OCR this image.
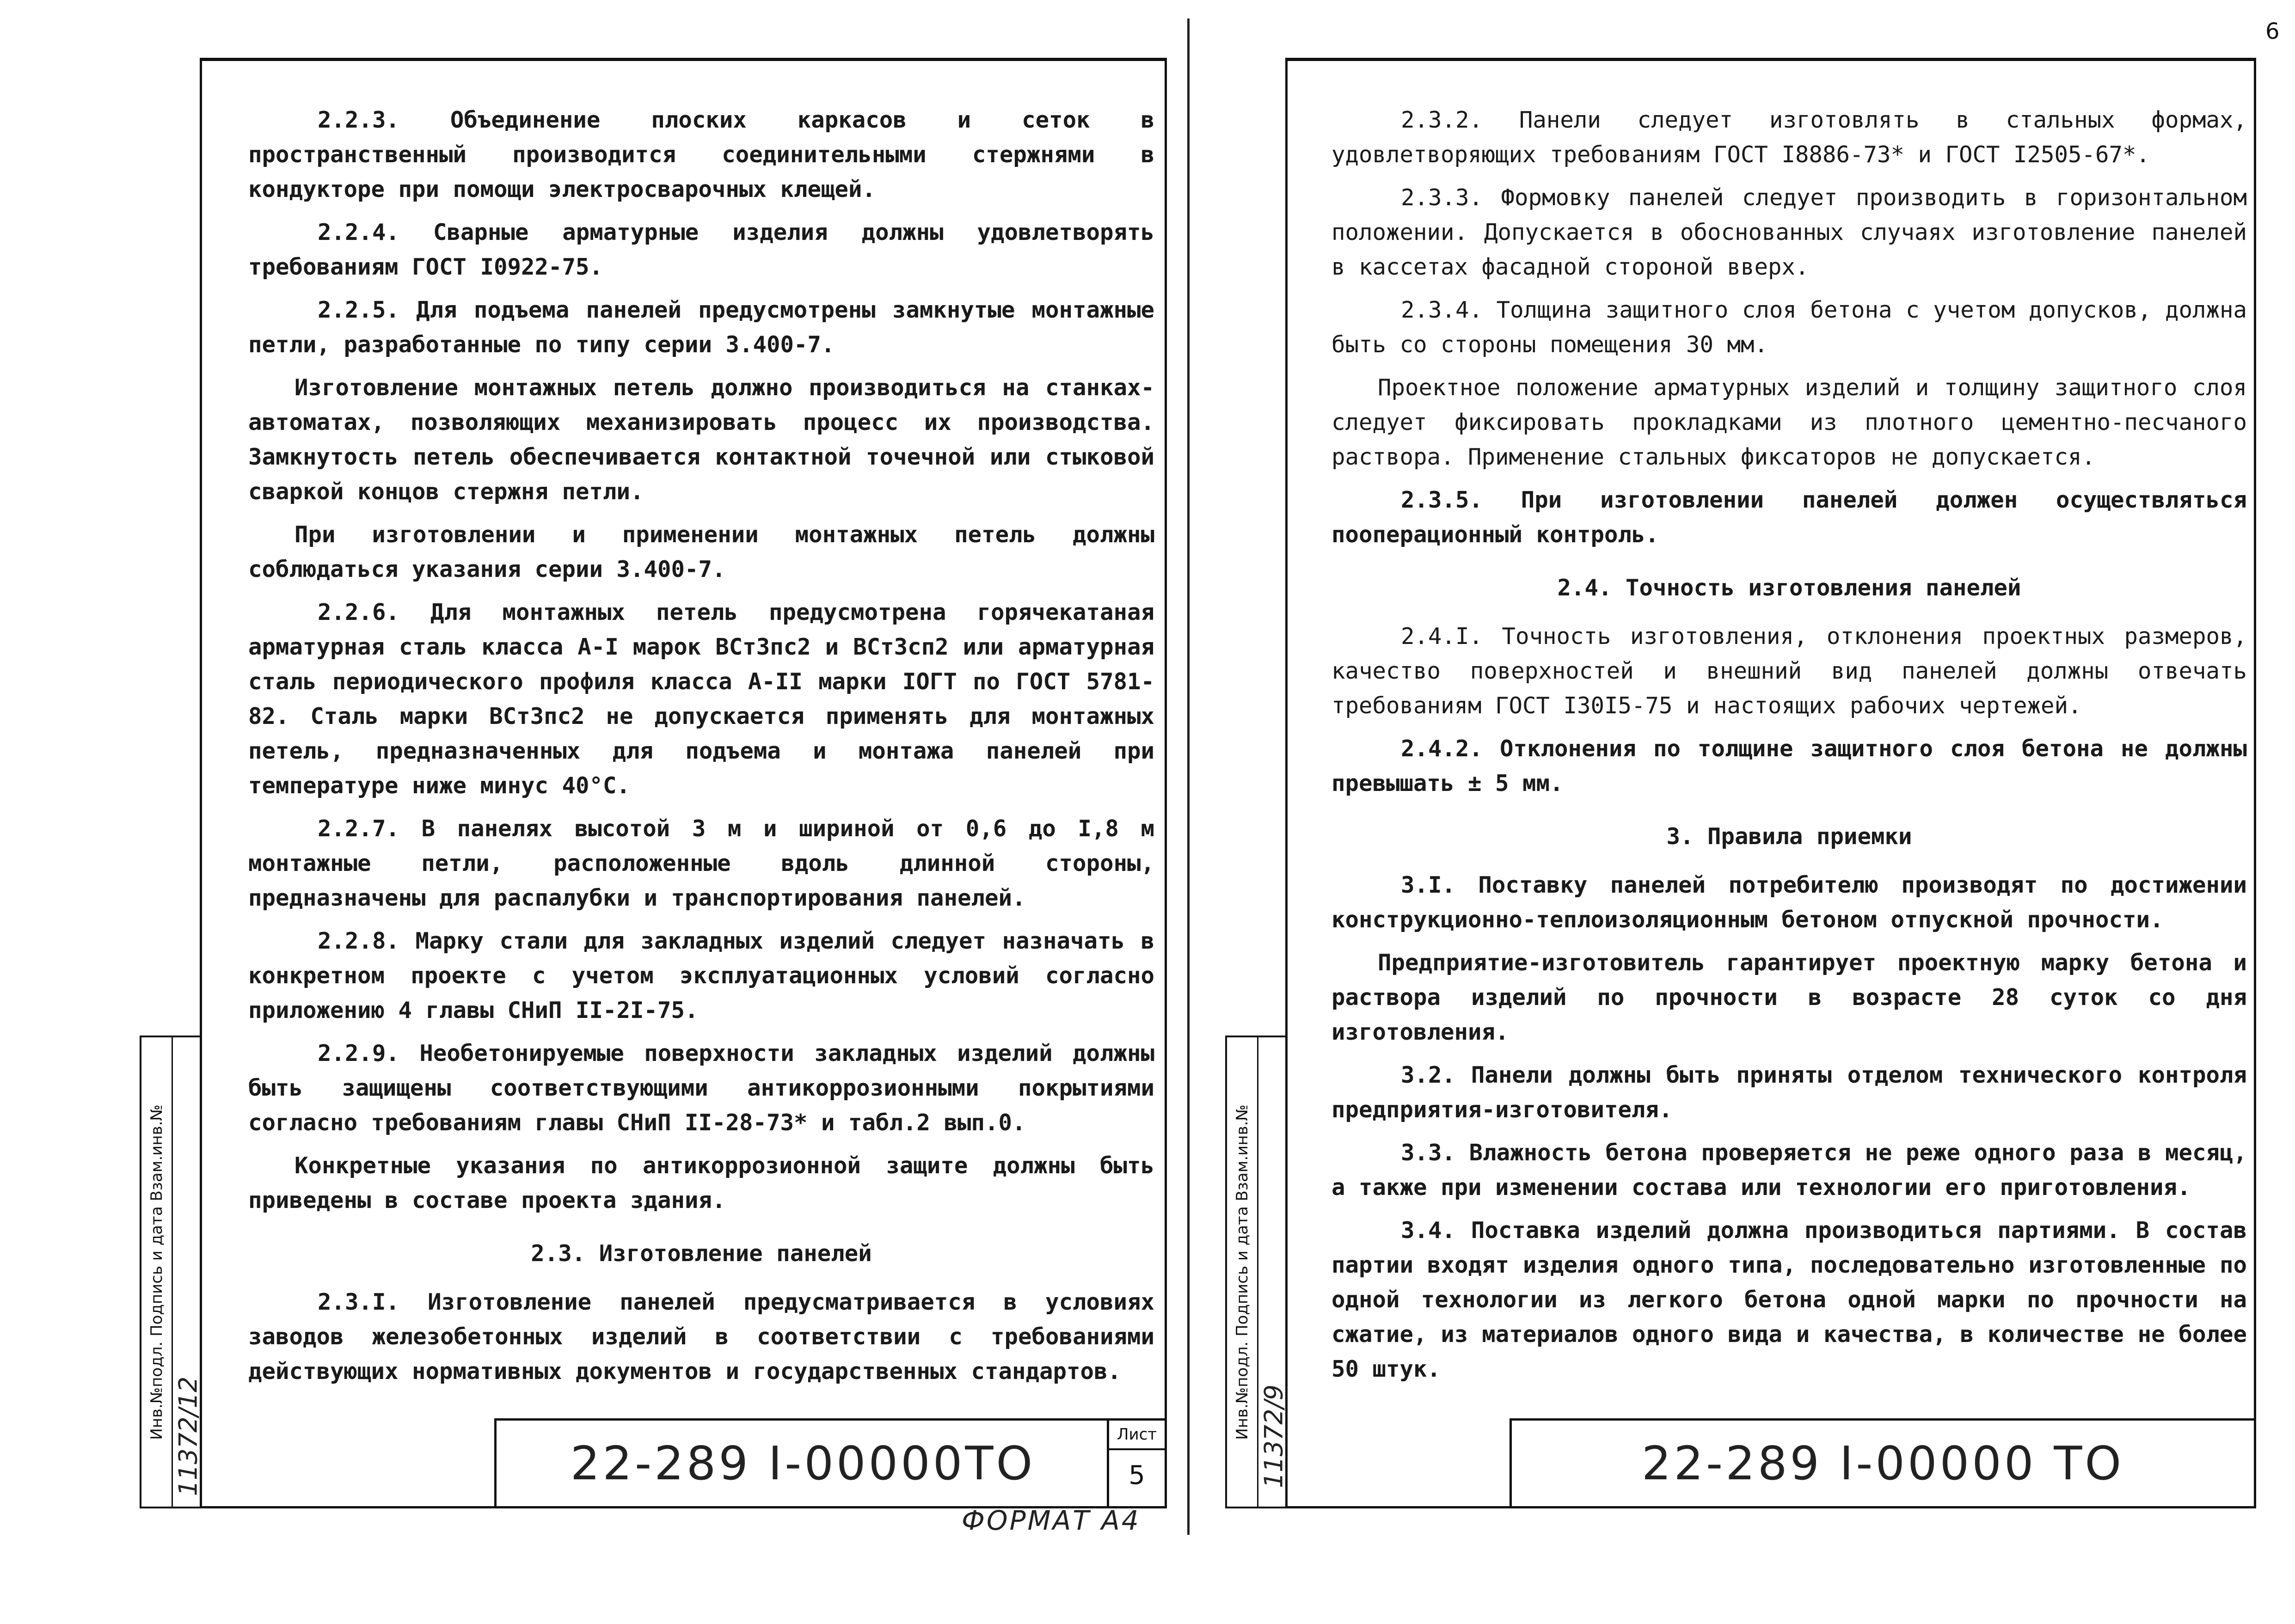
6

2.2.3. Объединение плоских каркасов и сеток в пространственный производится соединительными стержнями в кондукторе при помощи электросварочных клещей.

2.2.4. Сварные арматурные изделия должны удовлетворять требованиям ГОСТ I0922-75.

2.2.5. Для подъема панелей предусмотрены замкнутые монтажные петли, разработанные по типу серии 3.400-7.

Изготовление монтажных петель должно производиться на станках-автоматах, позволяющих механизировать процесс их производства. Замкнутость петель обеспечивается контактной точечной или стыковой сваркой концов стержня петли.

При изготовлении и применении монтажных петель должны соблюдаться указания серии 3.400-7.

2.2.6. Для монтажных петель предусмотрена горячекатаная арматурная сталь класса А-I марок ВСт3пс2 и ВСт3сп2 или арматурная сталь периодического профиля класса А-II марки IОГТ по ГОСТ 5781-82. Сталь марки ВСт3пс2 не допускается применять для монтажных петель, предназначенных для подъема и монтажа панелей при температуре ниже минус 40°С.

2.2.7. В панелях высотой 3 м и шириной от 0,6 до I,8 м монтажные петли, расположенные вдоль длинной стороны, предназначены для распалубки и транспортирования панелей.

2.2.8. Марку стали для закладных изделий следует назначать в конкретном проекте с учетом эксплуатационных условий согласно приложению 4 главы СНиП II-2I-75.

2.2.9. Необетонируемые поверхности закладных изделий должны быть защищены соответствующими антикоррозионными покрытиями согласно требованиям главы СНиП II-28-73* и табл.2 вып.0.

Конкретные указания по антикоррозионной защите должны быть приведены в составе проекта здания.

2.3. Изготовление панелей

2.3.I. Изготовление панелей предусматривается в условиях заводов железобетонных изделий в соответствии с требованиями действующих нормативных документов и государственных стандартов.

22-289 I-00000ТО
Лист
5
Инв.№подл. Подпись и дата Взам.инв.№ 11372/12
ФОРМАТ А4

2.3.2. Панели следует изготовлять в стальных формах, удовлетворяющих требованиям ГОСТ I8886-73* и ГОСТ I2505-67*.

2.3.3. Формовку панелей следует производить в горизонтальном положении. Допускается в обоснованных случаях изготовление панелей в кассетах фасадной стороной вверх.

2.3.4. Толщина защитного слоя бетона с учетом допусков, должна быть со стороны помещения 30 мм.

Проектное положение арматурных изделий и толщину защитного слоя следует фиксировать прокладками из плотного цементно-песчаного раствора. Применение стальных фиксаторов не допускается.

2.3.5. При изготовлении панелей должен осуществляться пооперационный контроль.

2.4. Точность изготовления панелей

2.4.I. Точность изготовления, отклонения проектных размеров, качество поверхностей и внешний вид панелей должны отвечать требованиям ГОСТ I30I5-75 и настоящих рабочих чертежей.

2.4.2. Отклонения по толщине защитного слоя бетона не должны превышать ± 5 мм.

3. Правила приемки

3.I. Поставку панелей потребителю производят по достижении конструкционно-теплоизоляционным бетоном отпускной прочности.

Предприятие-изготовитель гарантирует проектную марку бетона и раствора изделий по прочности в возрасте 28 суток со дня изготовления.

3.2. Панели должны быть приняты отделом технического контроля предприятия-изготовителя.

3.3. Влажность бетона проверяется не реже одного раза в месяц, а также при изменении состава или технологии его приготовления.

3.4. Поставка изделий должна производиться партиями. В состав партии входят изделия одного типа, последовательно изготовленные по одной технологии из легкого бетона одной марки по прочности на сжатие, из материалов одного вида и качества, в количестве не более 50 штук.

22-289 I-00000 ТО
Инв.№подл. Подпись и дата Взам.инв.№ 11372/9
